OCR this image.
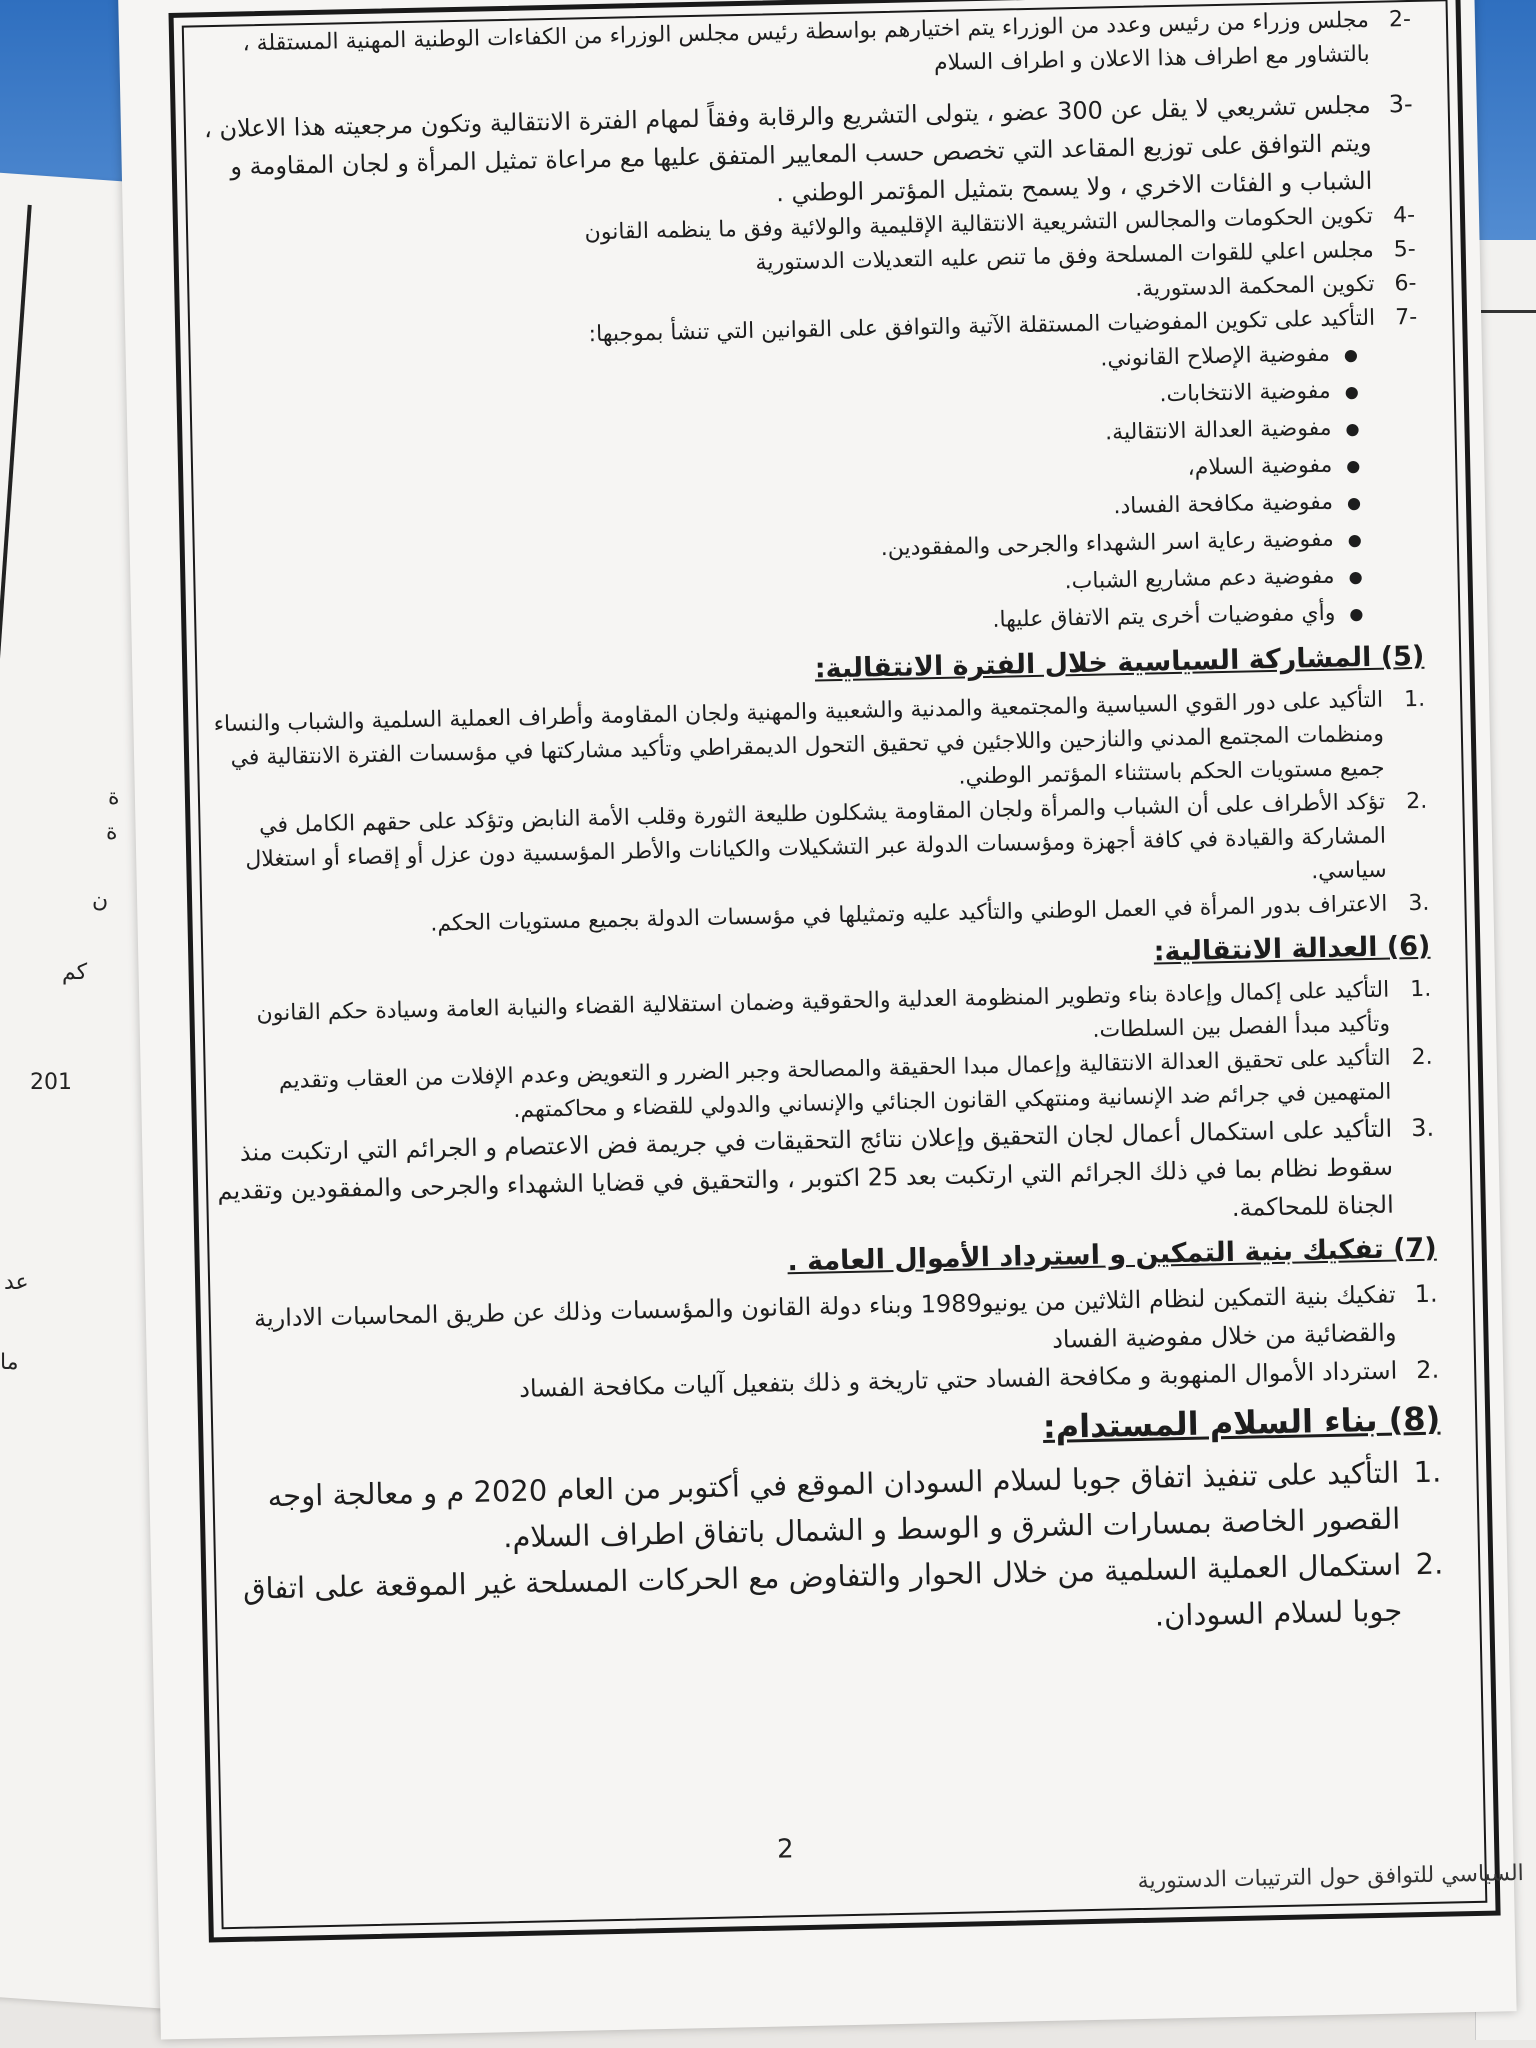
ة
ة
ن
كم
201
عد
ما
-2
مجلس وزراء من رئيس وعدد من الوزراء يتم اختيارهم بواسطة رئيس مجلس الوزراء من الكفاءات الوطنية المهنية المستقلة ، بالتشاور مع اطراف هذا الاعلان و اطراف السلام
-3
مجلس تشريعي لا يقل عن 300 عضو ، يتولى التشريع والرقابة وفقاً لمهام الفترة الانتقالية وتكون مرجعيته هذا الاعلان ، ويتم التوافق على توزيع المقاعد التي تخصص حسب المعايير المتفق عليها مع مراعاة تمثيل المرأة و لجان المقاومة و الشباب و الفئات الاخري ، ولا يسمح بتمثيل المؤتمر الوطني .
-4
تكوين الحكومات والمجالس التشريعية الانتقالية الإقليمية والولائية وفق ما ينظمه القانون
-5
مجلس اعلي للقوات المسلحة وفق ما تنص عليه التعديلات الدستورية
-6
تكوين المحكمة الدستورية.
-7
التأكيد على تكوين المفوضيات المستقلة الآتية والتوافق على القوانين التي تنشأ بموجبها:
● مفوضية الإصلاح القانوني.
● مفوضية الانتخابات.
● مفوضية العدالة الانتقالية.
● مفوضية السلام،
● مفوضية مكافحة الفساد.
● مفوضية رعاية اسر الشهداء والجرحى والمفقودين.
● مفوضية دعم مشاريع الشباب.
● وأي مفوضيات أخرى يتم الاتفاق عليها.
(5) المشاركة السياسية خلال الفترة الانتقالية:
.1
التأكيد على دور القوي السياسية والمجتمعية والمدنية والشعبية والمهنية ولجان المقاومة وأطراف العملية السلمية والشباب والنساء ومنظمات المجتمع المدني والنازحين واللاجئين في تحقيق التحول الديمقراطي وتأكيد مشاركتها في مؤسسات الفترة الانتقالية في جميع مستويات الحكم باستثناء المؤتمر الوطني.
.2
تؤكد الأطراف على أن الشباب والمرأة ولجان المقاومة يشكلون طليعة الثورة وقلب الأمة النابض وتؤكد على حقهم الكامل في المشاركة والقيادة في كافة أجهزة ومؤسسات الدولة عبر التشكيلات والكيانات والأطر المؤسسية دون عزل أو إقصاء أو استغلال سياسي.
.3
الاعتراف بدور المرأة في العمل الوطني والتأكيد عليه وتمثيلها في مؤسسات الدولة بجميع مستويات الحكم.
(6) العدالة الانتقالية:
.1
التأكيد على إكمال وإعادة بناء وتطوير المنظومة العدلية والحقوقية وضمان استقلالية القضاء والنيابة العامة وسيادة حكم القانون وتأكيد مبدأ الفصل بين السلطات.
.2
التأكيد على تحقيق العدالة الانتقالية وإعمال مبدا الحقيقة والمصالحة وجبر الضرر و التعويض وعدم الإفلات من العقاب وتقديم المتهمين في جرائم ضد الإنسانية ومنتهكي القانون الجنائي والإنساني والدولي للقضاء و محاكمتهم.
.3
التأكيد على استكمال أعمال لجان التحقيق وإعلان نتائج التحقيقات في جريمة فض الاعتصام و الجرائم التي ارتكبت منذ سقوط نظام بما في ذلك الجرائم التي ارتكبت بعد 25 اكتوبر ، والتحقيق في قضايا الشهداء والجرحى والمفقودين وتقديم الجناة للمحاكمة.
(7) تفكيك بنية التمكين و استرداد الأموال العامة .
.1
تفكيك بنية التمكين لنظام الثلاثين من يونيو1989 وبناء دولة القانون والمؤسسات وذلك عن طريق المحاسبات الادارية والقضائية من خلال مفوضية الفساد
.2
استرداد الأموال المنهوبة و مكافحة الفساد حتي تاريخة و ذلك بتفعيل آليات مكافحة الفساد
(8) بناء السلام المستدام:
.1
التأكيد على تنفيذ اتفاق جوبا لسلام السودان الموقع في أكتوبر من العام 2020 م و معالجة اوجه القصور الخاصة بمسارات الشرق و الوسط و الشمال باتفاق اطراف السلام.
.2
استكمال العملية السلمية من خلال الحوار والتفاوض مع الحركات المسلحة غير الموقعة على اتفاق جوبا لسلام السودان.
2
السياسي للتوافق حول الترتيبات الدستورية
